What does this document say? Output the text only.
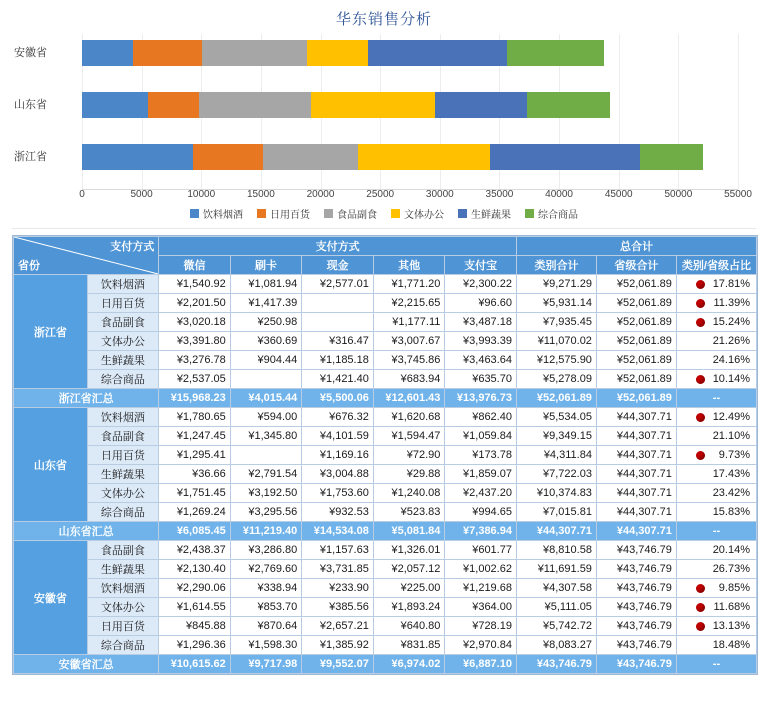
华东销售分析
安徽省
山东省
浙江省
0	5000	10000	15000	20000	25000	30000	35000	40000	45000	50000	55000
饮料烟酒	日用百货	食品副食	文体办公	生鲜蔬果	综合商品
支付方式
省份		支付方式					总合计		
		微信	刷卡	现金	其他	支付宝	类别合计	省级合计	类别/省级占比
浙江省	饮料烟酒	¥1,540.92	¥1,081.94	¥2,577.01	¥1,771.20	¥2,300.22	¥9,271.29	¥52,061.89	17.81%

	日用百货	¥2,201.50	¥1,417.39		¥2,215.65	¥96.60	¥5,931.14	¥52,061.89	11.39%

	食品副食	¥3,020.18	¥250.98		¥1,177.11	¥3,487.18	¥7,935.45	¥52,061.89	15.24%

	文体办公	¥3,391.80	¥360.69	¥316.47	¥3,007.67	¥3,993.39	¥11,070.02	¥52,061.89	21.26%

	生鲜蔬果	¥3,276.78	¥904.44	¥1,185.18	¥3,745.86	¥3,463.64	¥12,575.90	¥52,061.89	24.16%

	综合商品	¥2,537.05		¥1,421.40	¥683.94	¥635.70	¥5,278.09	¥52,061.89	10.14%

浙江省汇总		¥15,968.23	¥4,015.44	¥5,500.06	¥12,601.43	¥13,976.73	¥52,061.89	¥52,061.89	--
山东省	饮料烟酒	¥1,780.65	¥594.00	¥676.32	¥1,620.68	¥862.40	¥5,534.05	¥44,307.71	12.49%

	食品副食	¥1,247.45	¥1,345.80	¥4,101.59	¥1,594.47	¥1,059.84	¥9,349.15	¥44,307.71	21.10%

	日用百货	¥1,295.41		¥1,169.16	¥72.90	¥173.78	¥4,311.84	¥44,307.71	9.73%

	生鲜蔬果	¥36.66	¥2,791.54	¥3,004.88	¥29.88	¥1,859.07	¥7,722.03	¥44,307.71	17.43%

	文体办公	¥1,751.45	¥3,192.50	¥1,753.60	¥1,240.08	¥2,437.20	¥10,374.83	¥44,307.71	23.42%

	综合商品	¥1,269.24	¥3,295.56	¥932.53	¥523.83	¥994.65	¥7,015.81	¥44,307.71	15.83%

山东省汇总		¥6,085.45	¥11,219.40	¥14,534.08	¥5,081.84	¥7,386.94	¥44,307.71	¥44,307.71	--
安徽省	食品副食	¥2,438.37	¥3,286.80	¥1,157.63	¥1,326.01	¥601.77	¥8,810.58	¥43,746.79	20.14%

	生鲜蔬果	¥2,130.40	¥2,769.60	¥3,731.85	¥2,057.12	¥1,002.62	¥11,691.59	¥43,746.79	26.73%

	饮料烟酒	¥2,290.06	¥338.94	¥233.90	¥225.00	¥1,219.68	¥4,307.58	¥43,746.79	9.85%

	文体办公	¥1,614.55	¥853.70	¥385.56	¥1,893.24	¥364.00	¥5,111.05	¥43,746.79	11.68%

	日用百货	¥845.88	¥870.64	¥2,657.21	¥640.80	¥728.19	¥5,742.72	¥43,746.79	13.13%

	综合商品	¥1,296.36	¥1,598.30	¥1,385.92	¥831.85	¥2,970.84	¥8,083.27	¥43,746.79	18.48%

安徽省汇总		¥10,615.62	¥9,717.98	¥9,552.07	¥6,974.02	¥6,887.10	¥43,746.79	¥43,746.79	--
